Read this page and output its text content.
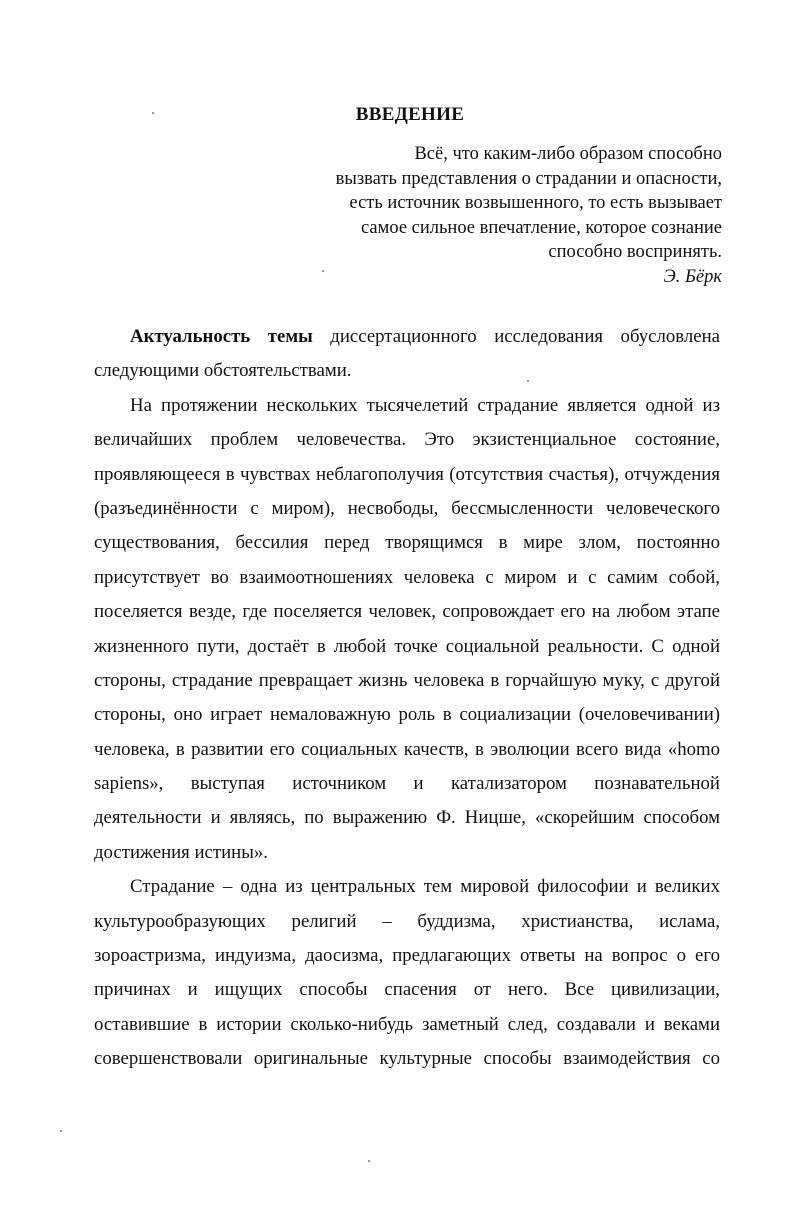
ВВЕДЕНИЕ
Всё, что каким-либо образом способно
вызвать представления о страдании и опасности,
есть источник возвышенного, то есть вызывает
самое сильное впечатление, которое сознание
способно воспринять.
Э. Бёрк
Актуальность темы диссертационного исследования обусловлена
следующими обстоятельствами.
На протяжении нескольких тысячелетий страдание является одной из
величайших проблем человечества. Это экзистенциальное состояние,
проявляющееся в чувствах неблагополучия (отсутствия счастья), отчуждения
(разъединённости с миром), несвободы, бессмысленности человеческого
существования, бессилия перед творящимся в мире злом, постоянно
присутствует во взаимоотношениях человека с миром и с самим собой,
поселяется везде, где поселяется человек, сопровождает его на любом этапе
жизненного пути, достаёт в любой точке социальной реальности. С одной
стороны, страдание превращает жизнь человека в горчайшую муку, с другой
стороны, оно играет немаловажную роль в социализации (очеловечивании)
человека, в развитии его социальных качеств, в эволюции всего вида «homo
sapiens», выступая источником и катализатором познавательной
деятельности и являясь, по выражению Ф. Ницше, «скорейшим способом
достижения истины».
Страдание – одна из центральных тем мировой философии и великих
культурообразующих религий – буддизма, христианства, ислама,
зороастризма, индуизма, даосизма, предлагающих ответы на вопрос о его
причинах и ищущих способы спасения от него. Все цивилизации,
оставившие в истории сколько-нибудь заметный след, создавали и веками
совершенствовали оригинальные культурные способы взаимодействия со
